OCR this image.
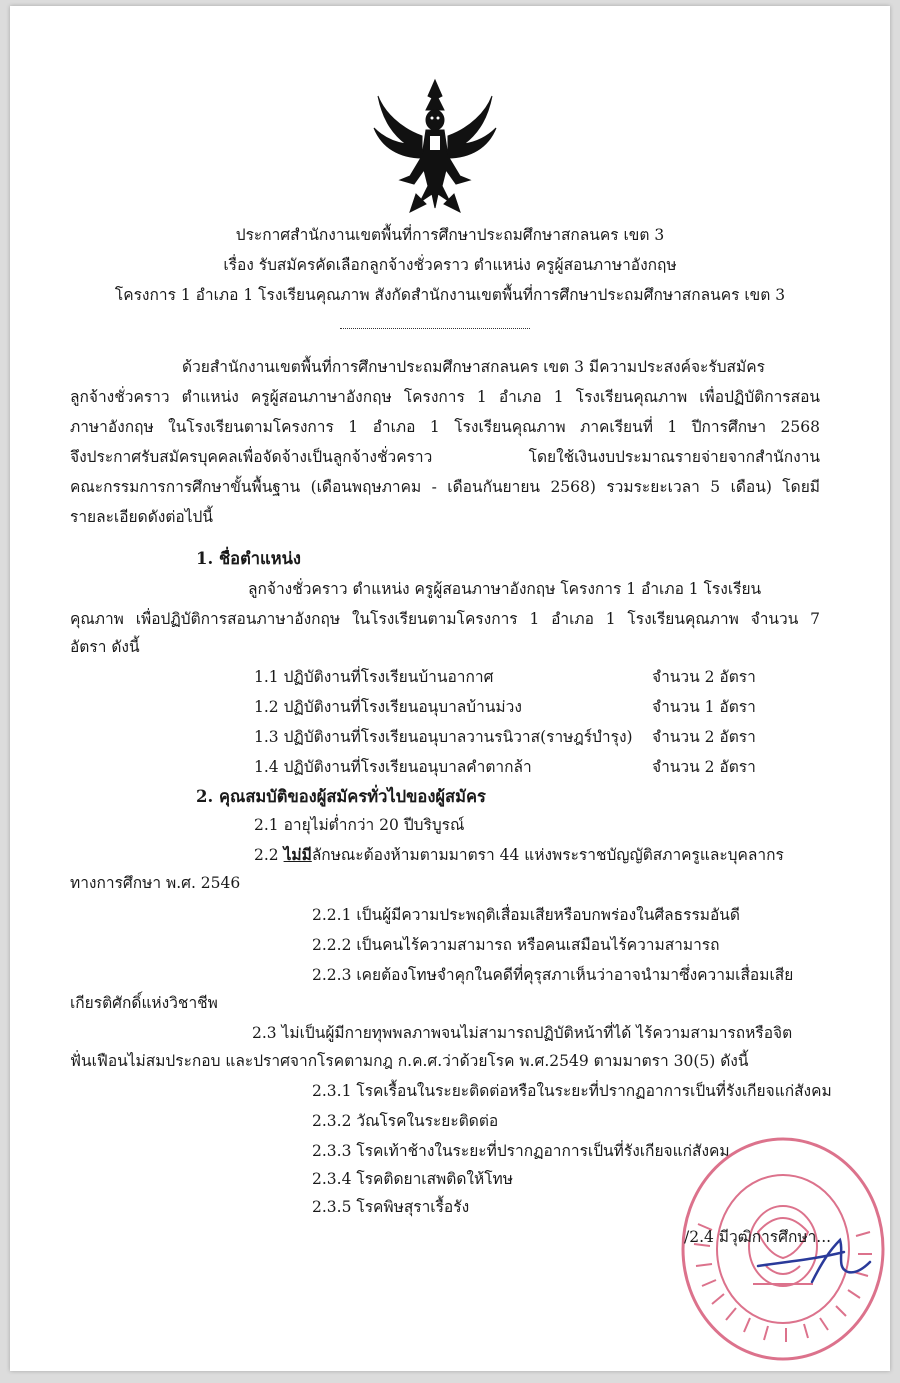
ประกาศสำนักงานเขตพื้นที่การศึกษาประถมศึกษาสกลนคร เขต 3
เรื่อง รับสมัครคัดเลือกลูกจ้างชั่วคราว ตำแหน่ง ครูผู้สอนภาษาอังกฤษ
โครงการ 1 อำเภอ 1 โรงเรียนคุณภาพ สังกัดสำนักงานเขตพื้นที่การศึกษาประถมศึกษาสกลนคร เขต 3
ด้วยสำนักงานเขตพื้นที่การศึกษาประถมศึกษาสกลนคร เขต 3 มีความประสงค์จะรับสมัคร
ลูกจ้างชั่วคราว ตำแหน่ง ครูผู้สอนภาษาอังกฤษ โครงการ 1 อำเภอ 1 โรงเรียนคุณภาพ เพื่อปฏิบัติการสอน
ภาษาอังกฤษ ในโรงเรียนตามโครงการ 1 อำเภอ 1 โรงเรียนคุณภาพ ภาคเรียนที่ 1 ปีการศึกษา 2568
จึงประกาศรับสมัครบุคคลเพื่อจัดจ้างเป็นลูกจ้างชั่วคราว โดยใช้เงินงบประมาณรายจ่ายจากสำนักงาน
คณะกรรมการการศึกษาขั้นพื้นฐาน (เดือนพฤษภาคม - เดือนกันยายน 2568) รวมระยะเวลา 5 เดือน) โดยมี
รายละเอียดดังต่อไปนี้
1. ชื่อตำแหน่ง
ลูกจ้างชั่วคราว ตำแหน่ง ครูผู้สอนภาษาอังกฤษ โครงการ 1 อำเภอ 1 โรงเรียน
คุณภาพ เพื่อปฏิบัติการสอนภาษาอังกฤษ ในโรงเรียนตามโครงการ 1 อำเภอ 1 โรงเรียนคุณภาพ จำนวน 7
อัตรา ดังนี้
1.1 ปฏิบัติงานที่โรงเรียนบ้านอากาศ	จำนวน 2 อัตรา
1.2 ปฏิบัติงานที่โรงเรียนอนุบาลบ้านม่วง	จำนวน 1 อัตรา
1.3 ปฏิบัติงานที่โรงเรียนอนุบาลวานรนิวาส(ราษฎร์บำรุง) จำนวน 2 อัตรา
1.4 ปฏิบัติงานที่โรงเรียนอนุบาลคำตากล้า	จำนวน 2 อัตรา
2. คุณสมบัติของผู้สมัครทั่วไปของผู้สมัคร
2.1 อายุไม่ต่ำกว่า 20 ปีบริบูรณ์
2.2 ไม่มีลักษณะต้องห้ามตามมาตรา 44 แห่งพระราชบัญญัติสภาครูและบุคลากร
ทางการศึกษา พ.ศ. 2546
2.2.1 เป็นผู้มีความประพฤติเสื่อมเสียหรือบกพร่องในศีลธรรมอันดี
2.2.2 เป็นคนไร้ความสามารถ หรือคนเสมือนไร้ความสามารถ
2.2.3 เคยต้องโทษจำคุกในคดีที่คุรุสภาเห็นว่าอาจนำมาซึ่งความเสื่อมเสีย
เกียรติศักดิ์แห่งวิชาชีพ
2.3 ไม่เป็นผู้มีกายทุพพลภาพจนไม่สามารถปฏิบัติหน้าที่ได้ ไร้ความสามารถหรือจิต
ฟั่นเฟือนไม่สมประกอบ และปราศจากโรคตามกฎ ก.ค.ศ.ว่าด้วยโรค พ.ศ.2549 ตามมาตรา 30(5) ดังนี้
2.3.1 โรคเรื้อนในระยะติดต่อหรือในระยะที่ปรากฏอาการเป็นที่รังเกียจแก่สังคม
2.3.2 วัณโรคในระยะติดต่อ
2.3.3 โรคเท้าช้างในระยะที่ปรากฏอาการเป็นที่รังเกียจแก่สังคม
2.3.4 โรคติดยาเสพติดให้โทษ
2.3.5 โรคพิษสุราเรื้อรัง
/2.4 มีวุฒิการศึกษา...
